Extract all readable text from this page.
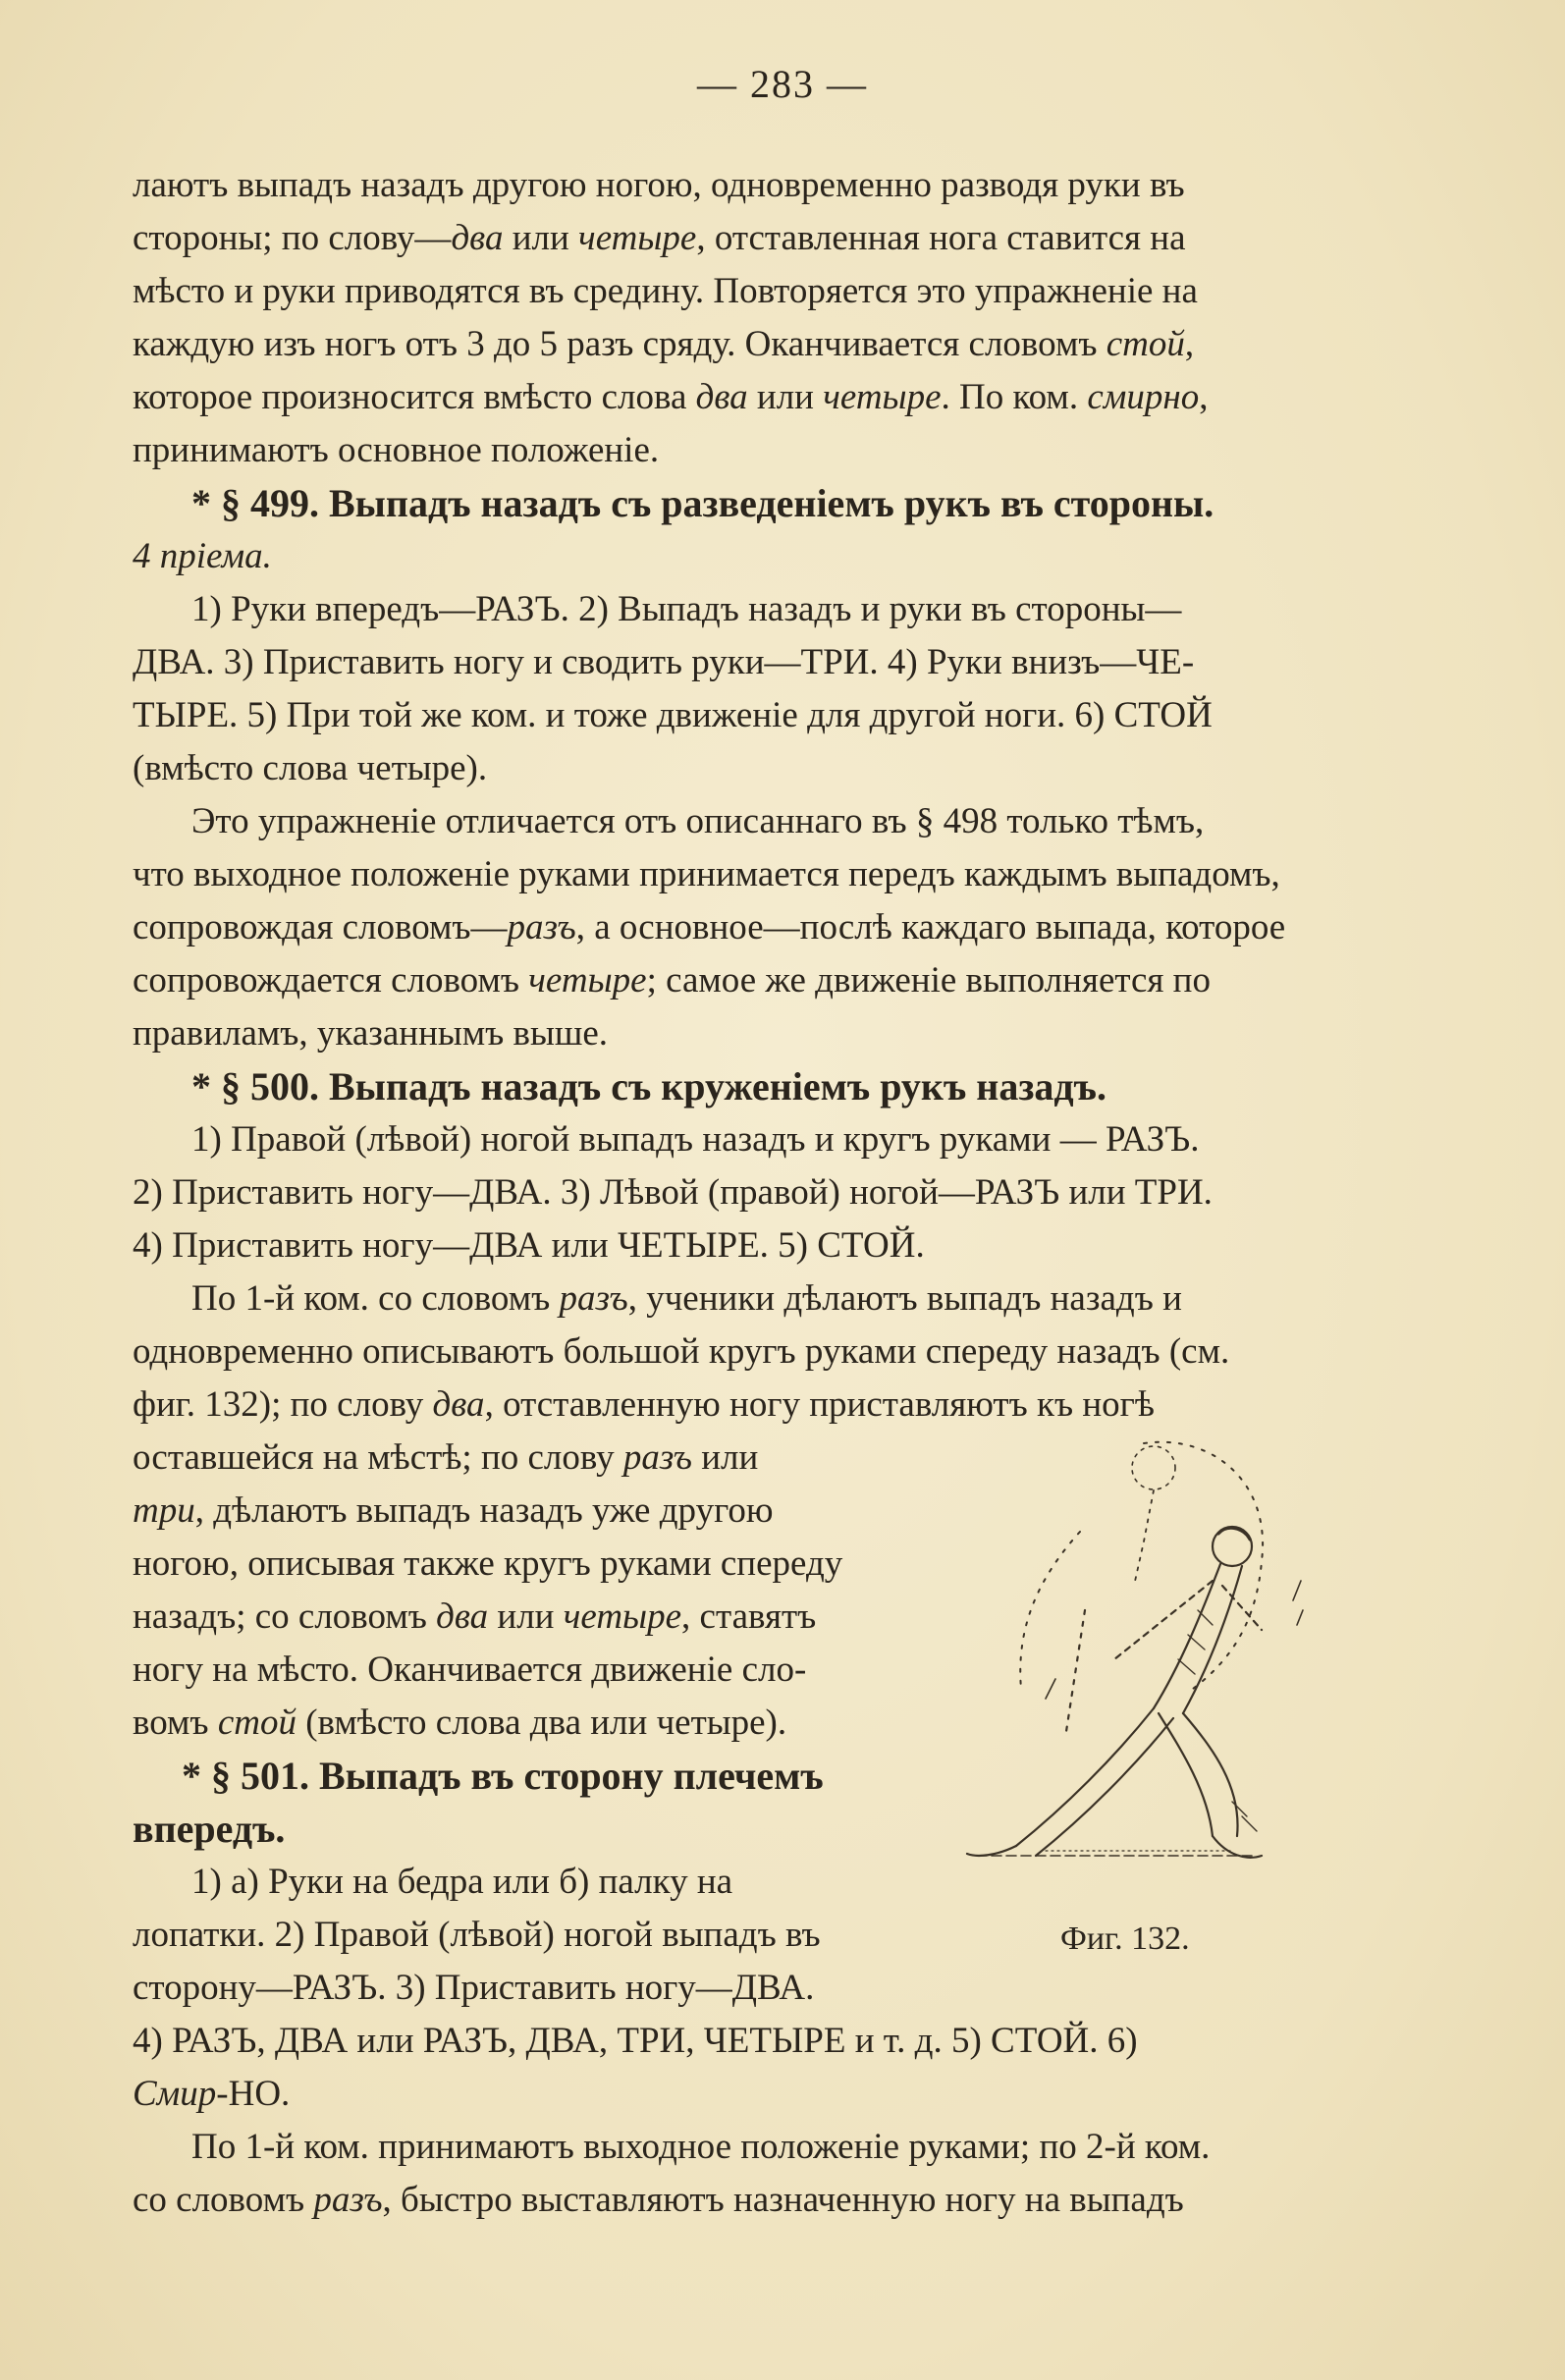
— 283 —
лаютъ выпадъ назадъ другою ногою, одновременно разводя руки въ
стороны; по слову—два или четыре, отставленная нога ставится на
мѣсто и руки приводятся въ средину. Повторяется это упражненіе на
каждую изъ ногъ отъ 3 до 5 разъ сряду. Оканчивается словомъ стой,
которое произносится вмѣсто слова два или четыре. По ком. смирно,
принимаютъ основное положеніе.
* § 499. Выпадъ назадъ съ разведеніемъ рукъ въ стороны.
4 пріема.
1) Руки впередъ—РАЗЪ. 2) Выпадъ назадъ и руки въ стороны—
ДВА. 3) Приставить ногу и сводить руки—ТРИ. 4) Руки внизъ—ЧЕ-
ТЫРЕ. 5) При той же ком. и тоже движеніе для другой ноги. 6) СТОЙ
(вмѣсто слова четыре).
Это упражненіе отличается отъ описаннаго въ § 498 только тѣмъ,
что выходное положеніе руками принимается передъ каждымъ выпадомъ,
сопровождая словомъ—разъ, а основное—послѣ каждаго выпада, которое
сопровождается словомъ четыре; самое же движеніе выполняется по
правиламъ, указаннымъ выше.
* § 500. Выпадъ назадъ съ круженіемъ рукъ назадъ.
1) Правой (лѣвой) ногой выпадъ назадъ и кругъ руками — РАЗЪ.
2) Приставить ногу—ДВА. 3) Лѣвой (правой) ногой—РАЗЪ или ТРИ.
4) Приставить ногу—ДВА или ЧЕТЫРЕ. 5) СТОЙ.
По 1-й ком. со словомъ разъ, ученики дѣлаютъ выпадъ назадъ и
одновременно описываютъ большой кругъ руками спереду назадъ (см.
фиг. 132); по слову два, отставленную ногу приставляютъ къ ногѣ
оставшейся на мѣстѣ; по слову разъ или
три, дѣлаютъ выпадъ назадъ уже другою
ногою, описывая также кругъ руками спереду
назадъ; со словомъ два или четыре, ставятъ
ногу на мѣсто. Оканчивается движеніе сло-
вомъ стой (вмѣсто слова два или четыре).
* § 501. Выпадъ въ сторону плечемъ
впередъ.
1) а) Руки на бедра или б) палку на
лопатки. 2) Правой (лѣвой) ногой выпадъ въ
сторону—РАЗЪ. 3) Приставить ногу—ДВА.
4) РАЗЪ, ДВА или РАЗЪ, ДВА, ТРИ, ЧЕТЫРЕ и т. д. 5) СТОЙ. 6)
Смир-НО.
По 1-й ком. принимаютъ выходное положеніе руками; по 2-й ком.
со словомъ разъ, быстро выставляютъ назначенную ногу на выпадъ
Фиг. 132.
